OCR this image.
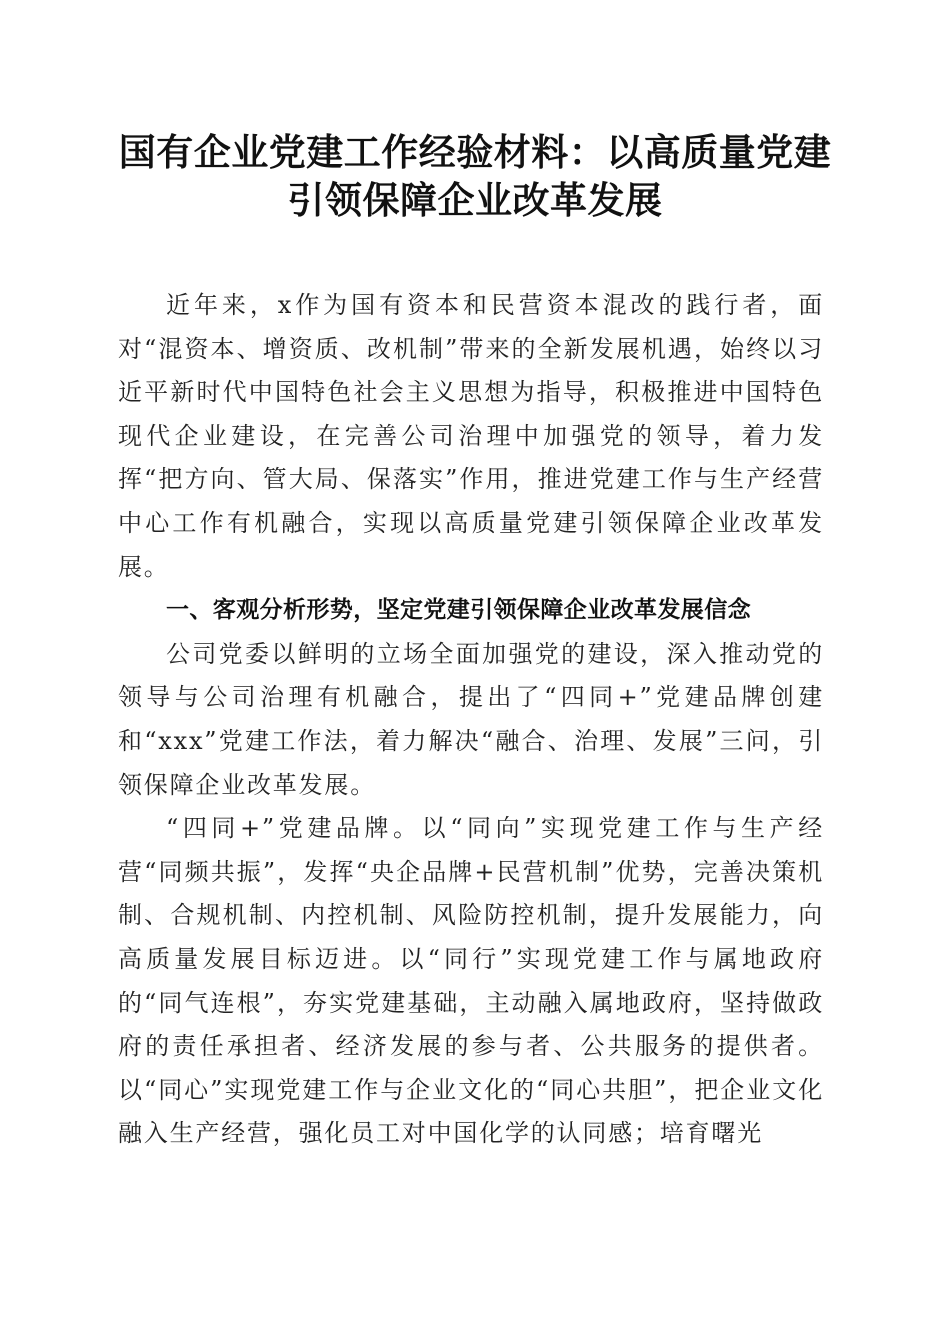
国有企业党建工作经验材料：以高质量党建引领保障企业改革发展

近年来，x作为国有资本和民营资本混改的践行者，面对“混资本、增资质、改机制”带来的全新发展机遇，始终以习近平新时代中国特色社会主义思想为指导，积极推进中国特色现代企业建设，在完善公司治理中加强党的领导，着力发挥“把方向、管大局、保落实”作用，推进党建工作与生产经营中心工作有机融合，实现以高质量党建引领保障企业改革发展。

一、客观分析形势，坚定党建引领保障企业改革发展信念

公司党委以鲜明的立场全面加强党的建设，深入推动党的领导与公司治理有机融合，提出了“四同+”党建品牌创建和“xxx”党建工作法，着力解决“融合、治理、发展”三问，引领保障企业改革发展。

“四同+”党建品牌。以“同向”实现党建工作与生产经营“同频共振”，发挥“央企品牌+民营机制”优势，完善决策机制、合规机制、内控机制、风险防控机制，提升发展能力，向高质量发展目标迈进。以“同行”实现党建工作与属地政府的“同气连根”，夯实党建基础，主动融入属地政府，坚持做政府的责任承担者、经济发展的参与者、公共服务的提供者。以“同心”实现党建工作与企业文化的“同心共胆”，把企业文化融入生产经营，强化员工对中国化学的认同感；培育曙光
